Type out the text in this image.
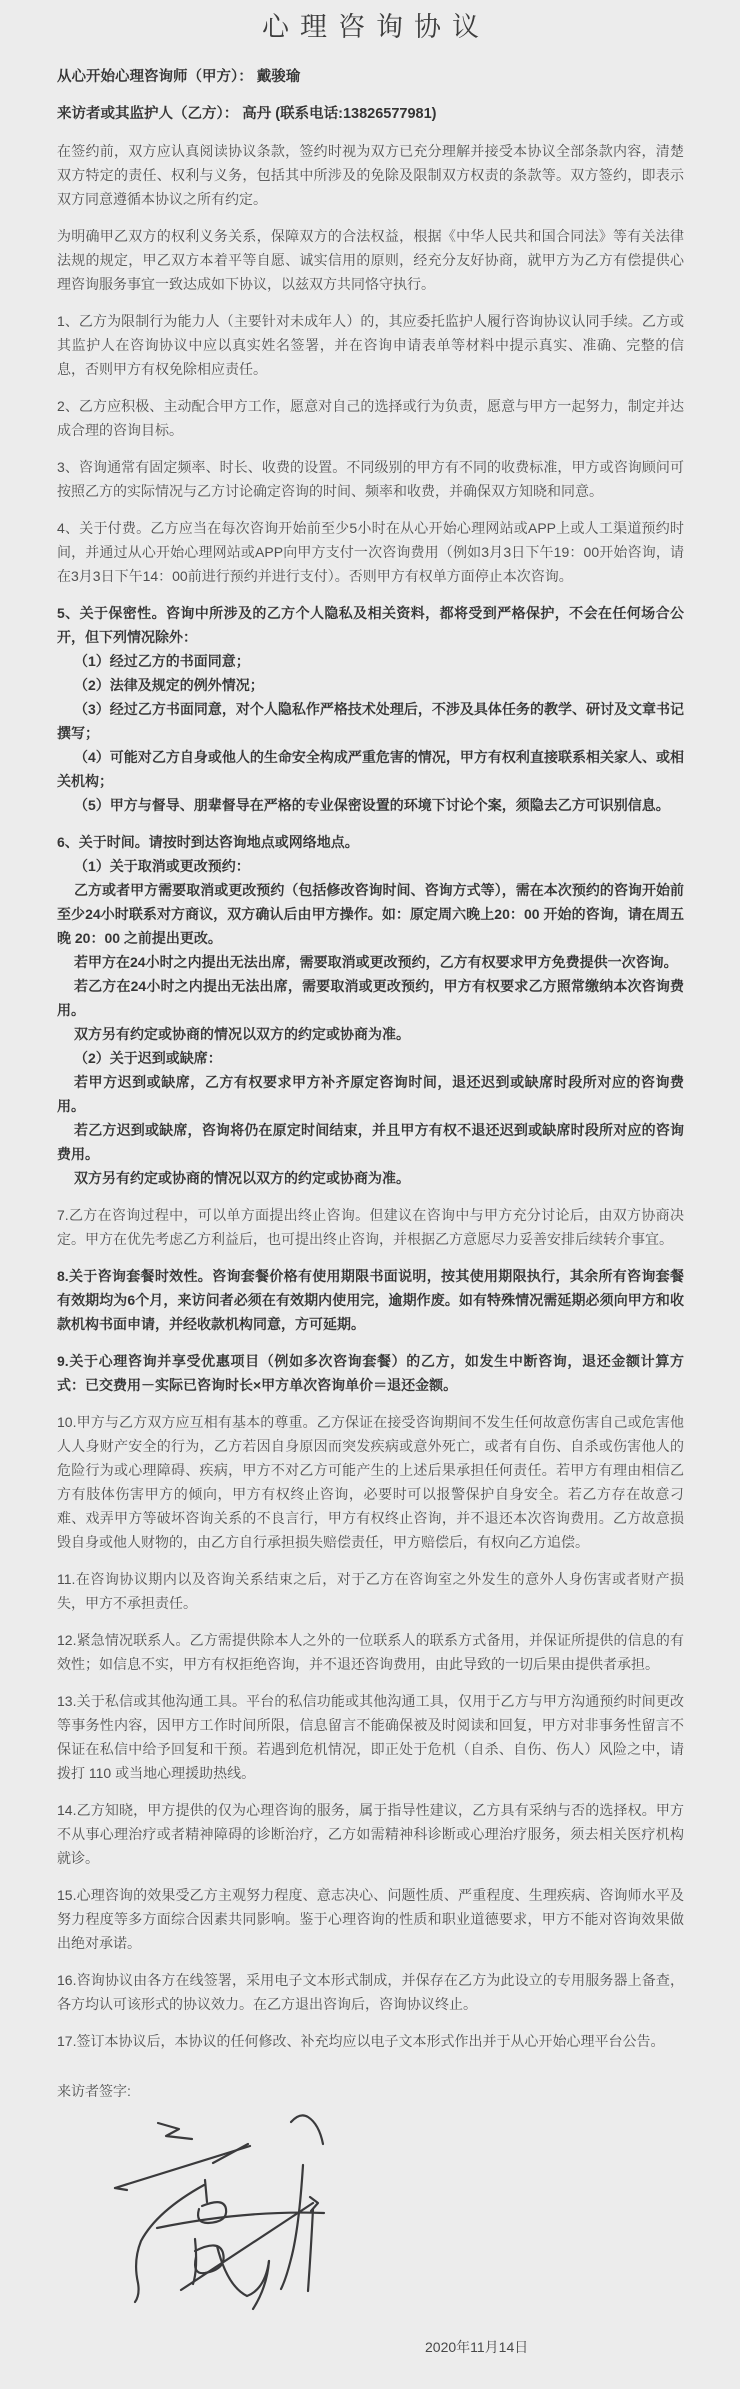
心理咨询协议

从心开始心理咨询师（甲方）： 戴骏瑜

来访者或其监护人（乙方）： 高丹 (联系电话:13826577981)

在签约前，双方应认真阅读协议条款，签约时视为双方已充分理解并接受本协议全部条款内容，清楚双方特定的责任、权利与义务，包括其中所涉及的免除及限制双方权责的条款等。双方签约，即表示双方同意遵循本协议之所有约定。

为明确甲乙双方的权利义务关系，保障双方的合法权益，根据《中华人民共和国合同法》等有关法律法规的规定，甲乙双方本着平等自愿、诚实信用的原则，经充分友好协商，就甲方为乙方有偿提供心理咨询服务事宜一致达成如下协议，以兹双方共同恪守执行。

1、乙方为限制行为能力人（主要针对未成年人）的，其应委托监护人履行咨询协议认同手续。乙方或其监护人在咨询协议中应以真实姓名签署，并在咨询申请表单等材料中提示真实、准确、完整的信息，否则甲方有权免除相应责任。

2、乙方应积极、主动配合甲方工作，愿意对自己的选择或行为负责，愿意与甲方一起努力，制定并达成合理的咨询目标。

3、咨询通常有固定频率、时长、收费的设置。不同级别的甲方有不同的收费标准，甲方或咨询顾问可按照乙方的实际情况与乙方讨论确定咨询的时间、频率和收费，并确保双方知晓和同意。

4、关于付费。乙方应当在每次咨询开始前至少5小时在从心开始心理网站或APP上或人工渠道预约时间，并通过从心开始心理网站或APP向甲方支付一次咨询费用（例如3月3日下午19：00开始咨询，请在3月3日下午14：00前进行预约并进行支付）。否则甲方有权单方面停止本次咨询。

5、关于保密性。咨询中所涉及的乙方个人隐私及相关资料，都将受到严格保护，不会在任何场合公开，但下列情况除外：

（1）经过乙方的书面同意；

（2）法律及规定的例外情况；

（3）经过乙方书面同意，对个人隐私作严格技术处理后，不涉及具体任务的教学、研讨及文章书记撰写；

（4）可能对乙方自身或他人的生命安全构成严重危害的情况，甲方有权利直接联系相关家人、或相关机构；

（5）甲方与督导、朋辈督导在严格的专业保密设置的环境下讨论个案，须隐去乙方可识别信息。

6、关于时间。请按时到达咨询地点或网络地点。

（1）关于取消或更改预约：

乙方或者甲方需要取消或更改预约（包括修改咨询时间、咨询方式等），需在本次预约的咨询开始前至少24小时联系对方商议，双方确认后由甲方操作。如：原定周六晚上20：00 开始的咨询，请在周五晚 20：00 之前提出更改。

若甲方在24小时之内提出无法出席，需要取消或更改预约，乙方有权要求甲方免费提供一次咨询。

若乙方在24小时之内提出无法出席，需要取消或更改预约，甲方有权要求乙方照常缴纳本次咨询费用。

双方另有约定或协商的情况以双方的约定或协商为准。

（2）关于迟到或缺席：

若甲方迟到或缺席，乙方有权要求甲方补齐原定咨询时间，退还迟到或缺席时段所对应的咨询费用。

若乙方迟到或缺席，咨询将仍在原定时间结束，并且甲方有权不退还迟到或缺席时段所对应的咨询费用。

双方另有约定或协商的情况以双方的约定或协商为准。

7.乙方在咨询过程中，可以单方面提出终止咨询。但建议在咨询中与甲方充分讨论后，由双方协商决定。甲方在优先考虑乙方利益后，也可提出终止咨询，并根据乙方意愿尽力妥善安排后续转介事宜。

8.关于咨询套餐时效性。咨询套餐价格有使用期限书面说明，按其使用期限执行，其余所有咨询套餐有效期均为6个月，来访问者必须在有效期内使用完，逾期作废。如有特殊情况需延期必须向甲方和收款机构书面申请，并经收款机构同意，方可延期。

9.关于心理咨询并享受优惠项目（例如多次咨询套餐）的乙方，如发生中断咨询，退还金额计算方式：已交费用－实际已咨询时长×甲方单次咨询单价＝退还金额。

10.甲方与乙方双方应互相有基本的尊重。乙方保证在接受咨询期间不发生任何故意伤害自己或危害他人人身财产安全的行为，乙方若因自身原因而突发疾病或意外死亡，或者有自伤、自杀或伤害他人的危险行为或心理障碍、疾病，甲方不对乙方可能产生的上述后果承担任何责任。若甲方有理由相信乙方有肢体伤害甲方的倾向，甲方有权终止咨询，必要时可以报警保护自身安全。若乙方存在故意刁难、戏弄甲方等破坏咨询关系的不良言行，甲方有权终止咨询，并不退还本次咨询费用。乙方故意损毁自身或他人财物的，由乙方自行承担损失赔偿责任，甲方赔偿后，有权向乙方追偿。

11.在咨询协议期内以及咨询关系结束之后，对于乙方在咨询室之外发生的意外人身伤害或者财产损失，甲方不承担责任。

12.紧急情况联系人。乙方需提供除本人之外的一位联系人的联系方式备用，并保证所提供的信息的有效性；如信息不实，甲方有权拒绝咨询，并不退还咨询费用，由此导致的一切后果由提供者承担。

13.关于私信或其他沟通工具。平台的私信功能或其他沟通工具，仅用于乙方与甲方沟通预约时间更改等事务性内容，因甲方工作时间所限，信息留言不能确保被及时阅读和回复，甲方对非事务性留言不保证在私信中给予回复和干预。若遇到危机情况，即正处于危机（自杀、自伤、伤人）风险之中，请拨打 110 或当地心理援助热线。

14.乙方知晓，甲方提供的仅为心理咨询的服务，属于指导性建议，乙方具有采纳与否的选择权。甲方不从事心理治疗或者精神障碍的诊断治疗，乙方如需精神科诊断或心理治疗服务，须去相关医疗机构就诊。

15.心理咨询的效果受乙方主观努力程度、意志决心、问题性质、严重程度、生理疾病、咨询师水平及努力程度等多方面综合因素共同影响。鉴于心理咨询的性质和职业道德要求，甲方不能对咨询效果做出绝对承诺。

16.咨询协议由各方在线签署，采用电子文本形式制成，并保存在乙方为此设立的专用服务器上备查，各方均认可该形式的协议效力。在乙方退出咨询后，咨询协议终止。

17.签订本协议后，本协议的任何修改、补充均应以电子文本形式作出并于从心开始心理平台公告。

来访者签字:

2020年11月14日
